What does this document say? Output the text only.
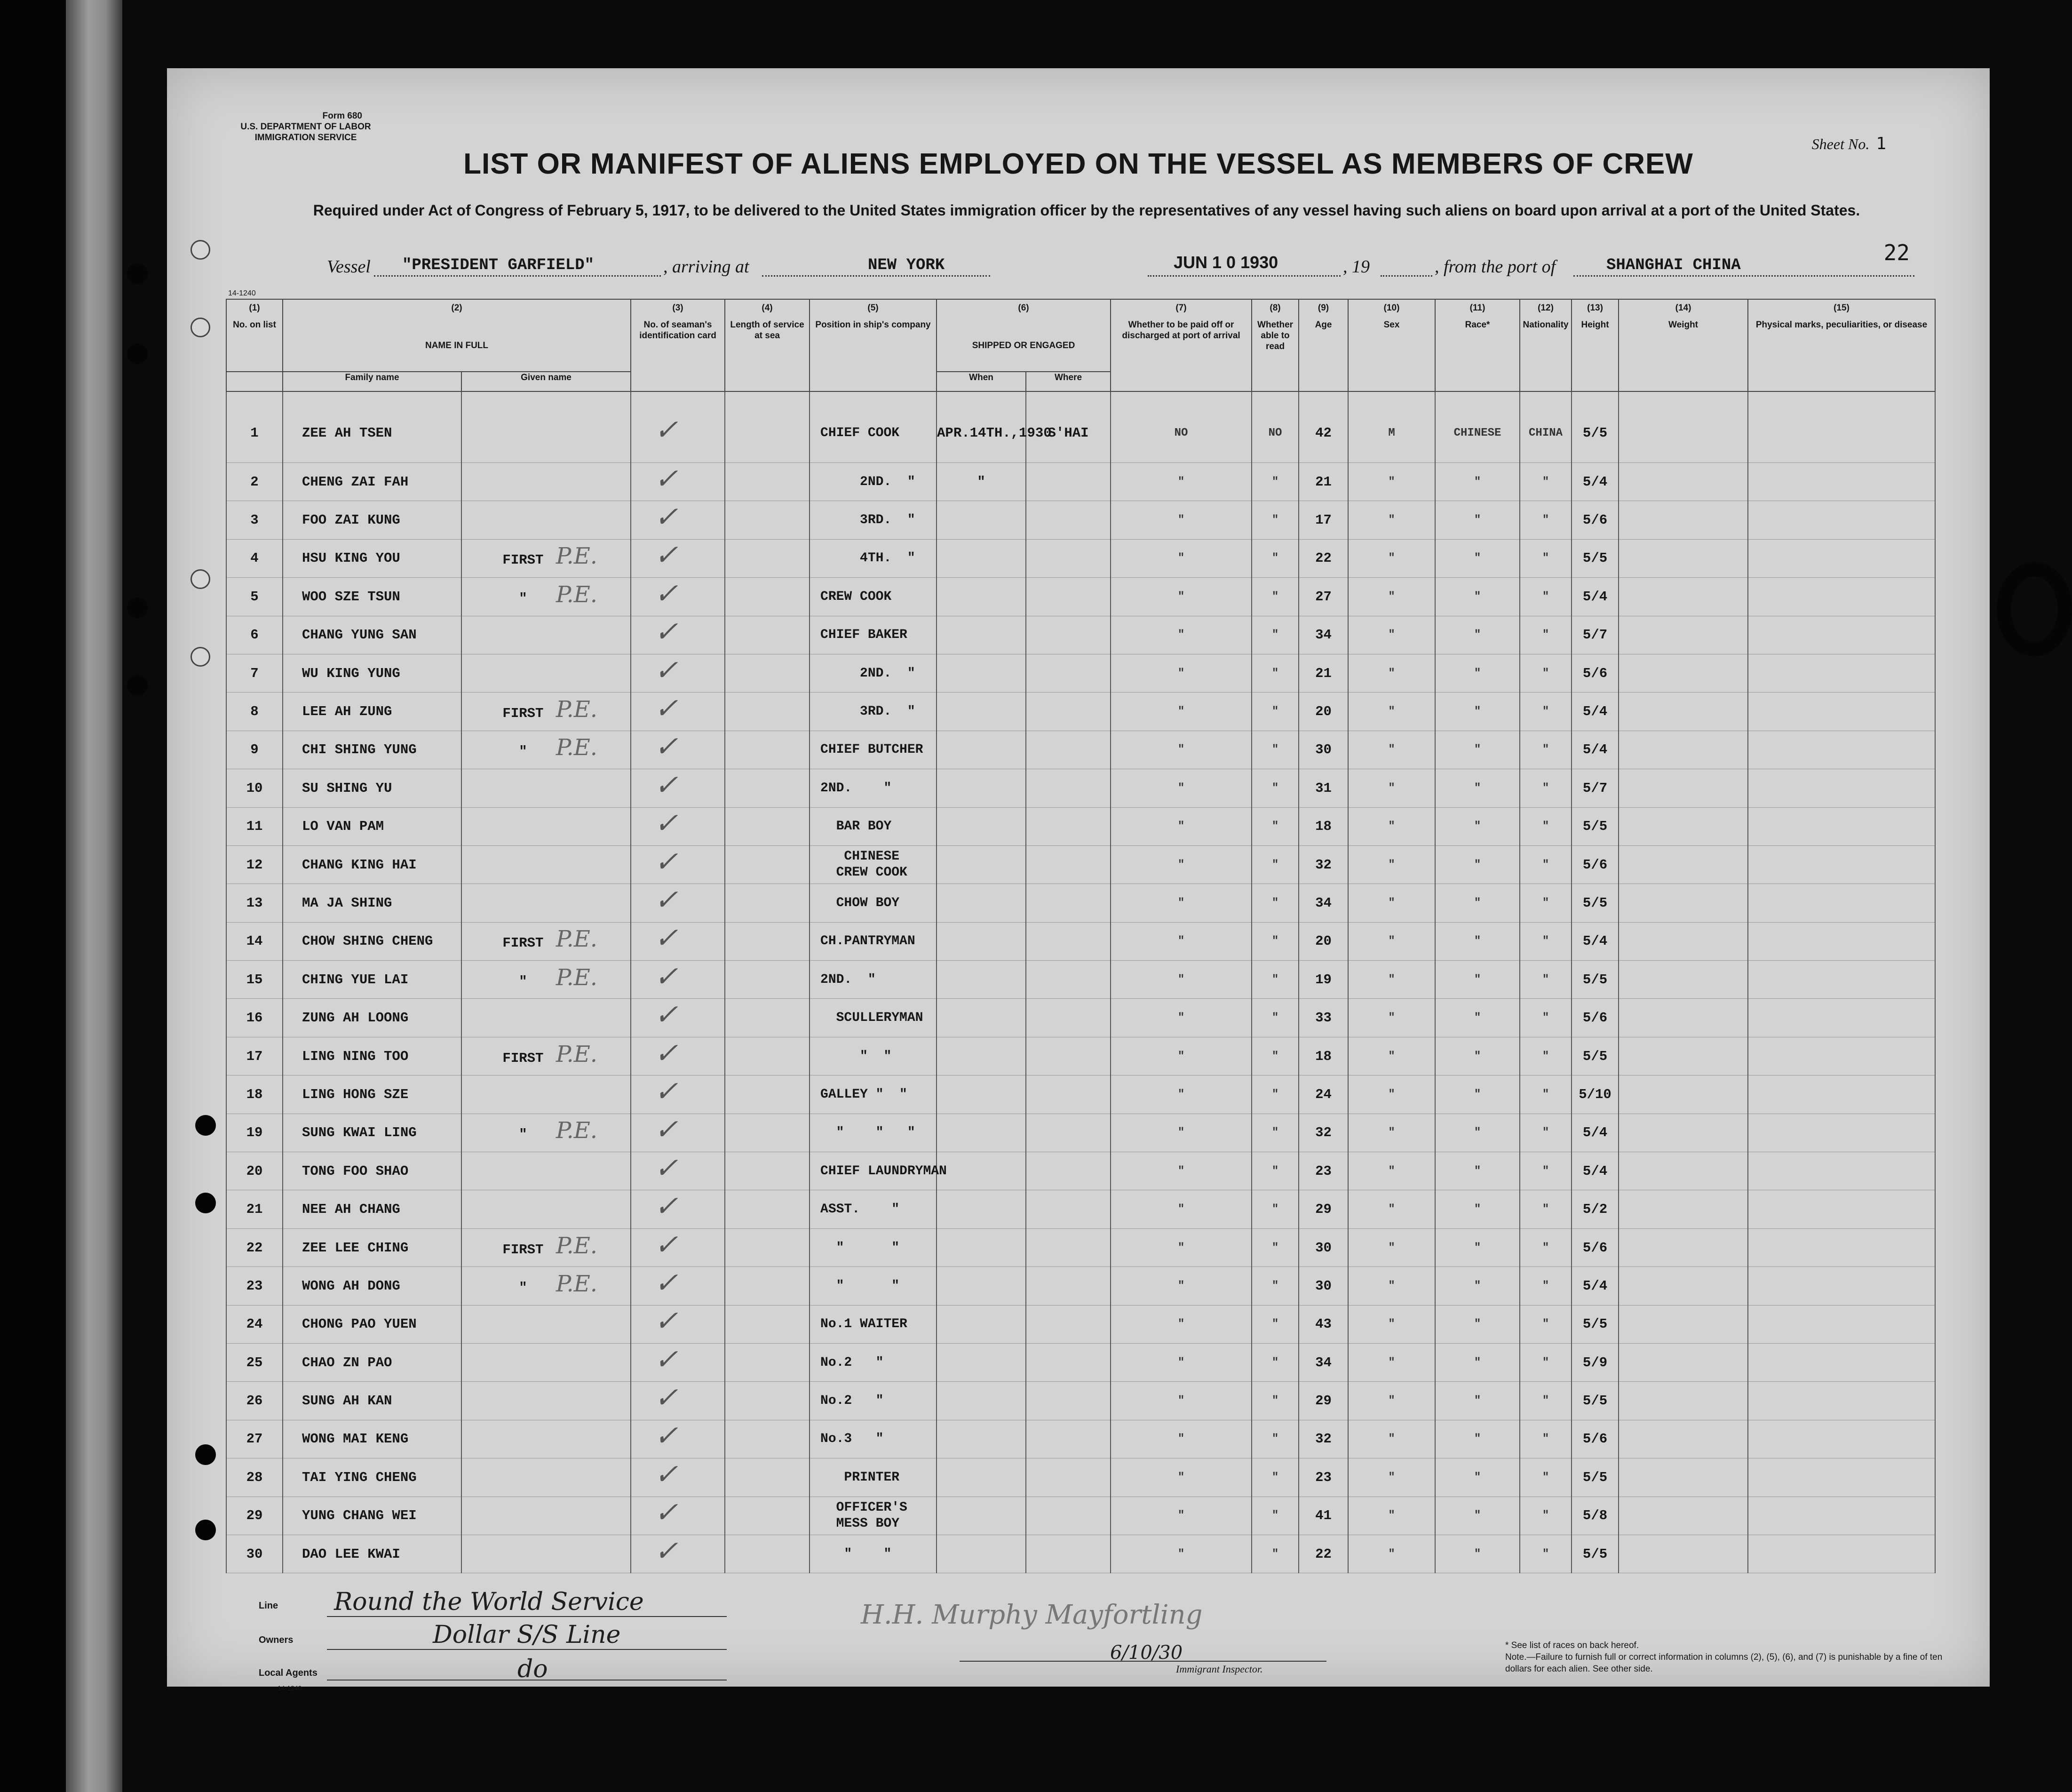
Form 680
U.S. DEPARTMENT OF LABOR
IMMIGRATION SERVICE	Sheet No. 1
LIST OR MANIFEST OF ALIENS EMPLOYED ON THE VESSEL AS MEMBERS OF CREW
Required under Act of Congress of February 5, 1917, to be delivered to the United States immigration officer by the representatives of any vessel having such aliens on board upon arrival at a port of the United States.
Vessel "PRESIDENT GARFIELD"	, arriving at	NEW YORK	JUN 1 0 1930	, 19	, from the port of	SHANGHAI CHINA	22
14-1240
(1)	(2)		(3)	(4)	(5)	(6)		(7)	(8)	(9)	(10)	(11)	(12)	(13)	(14)	(15)
No. on list	NAME IN FULL		No. of seaman's identification card	Length of service at sea	Position in ship's company	SHIPPED OR ENGAGED		Whether to be paid off or discharged at port of arrival	Whether able to read	Age	Sex	Race*	Nationality	Height	Weight	Physical marks, peculiarities, or disease
	Family name	Given name				When	Where									
1	ZEE AH TSEN		✓		CHIEF COOK	APR.14TH.,1930	S'HAI	NO	NO	42	M	CHINESE	CHINA	5/5		
2	CHENG ZAI FAH		✓		2ND.  "	"		"	"	21	"	"	"	5/4		
3	FOO ZAI KUNG		✓		3RD.  "			"	"	17	"	"	"	5/6		
4	HSU KING YOU	FIRST P.E.	✓		4TH.  "			"	"	22	"	"	"	5/5		
5	WOO SZE TSUN	" P.E.	✓		CREW COOK			"	"	27	"	"	"	5/4		
6	CHANG YUNG SAN		✓		CHIEF BAKER			"	"	34	"	"	"	5/7		
7	WU KING YUNG		✓		2ND.  "			"	"	21	"	"	"	5/6		
8	LEE AH ZUNG	FIRST P.E.	✓		3RD.  "			"	"	20	"	"	"	5/4		
9	CHI SHING YUNG	" P.E.	✓		CHIEF BUTCHER			"	"	30	"	"	"	5/4		
10	SU SHING YU		✓		2ND.    "			"	"	31	"	"	"	5/7		
11	LO VAN PAM		✓		BAR BOY			"	"	18	"	"	"	5/5		
12	CHANG KING HAI		✓		CHINESE
CREW COOK			"	"	32	"	"	"	5/6		
13	MA JA SHING		✓		CHOW BOY			"	"	34	"	"	"	5/5		
14	CHOW SHING CHENG	FIRST P.E.	✓		CH.PANTRYMAN			"	"	20	"	"	"	5/4		
15	CHING YUE LAI	" P.E.	✓		2ND.  "			"	"	19	"	"	"	5/5		
16	ZUNG AH LOONG		✓		SCULLERYMAN			"	"	33	"	"	"	5/6		
17	LING NING TOO	FIRST P.E.	✓		"  "			"	"	18	"	"	"	5/5		
18	LING HONG SZE		✓		GALLEY "  "			"	"	24	"	"	"	5/10		
19	SUNG KWAI LING	" P.E.	✓		"    "   "			"	"	32	"	"	"	5/4		
20	TONG FOO SHAO		✓		CHIEF LAUNDRYMAN			"	"	23	"	"	"	5/4		
21	NEE AH CHANG		✓		ASST.    "			"	"	29	"	"	"	5/2		
22	ZEE LEE CHING	FIRST P.E.	✓		"      "			"	"	30	"	"	"	5/6		
23	WONG AH DONG	" P.E.	✓		"      "			"	"	30	"	"	"	5/4		
24	CHONG PAO YUEN		✓		No.1 WAITER			"	"	43	"	"	"	5/5		
25	CHAO ZN PAO		✓		No.2   "			"	"	34	"	"	"	5/9		
26	SUNG AH KAN		✓		No.2   "			"	"	29	"	"	"	5/5		
27	WONG MAI KENG		✓		No.3   "			"	"	32	"	"	"	5/6		
28	TAI YING CHENG		✓		PRINTER			"	"	23	"	"	"	5/5		
29	YUNG CHANG WEI		✓		OFFICER'S
MESS BOY			"	"	41	"	"	"	5/8		
30	DAO LEE KWAI		✓		"    "			"	"	22	"	"	"	5/5		
Line Round the World Service
Owners	Dollar S/S Line
Local Agents	do
14-1240
H.H. Murphy Mayfortling
6/10/30
Immigrant Inspector.
* See list of races on back hereof.
Note.—Failure to furnish full or correct information in columns (2), (5), (6), and (7) is punishable by a fine of ten dollars for each alien. See other side.
